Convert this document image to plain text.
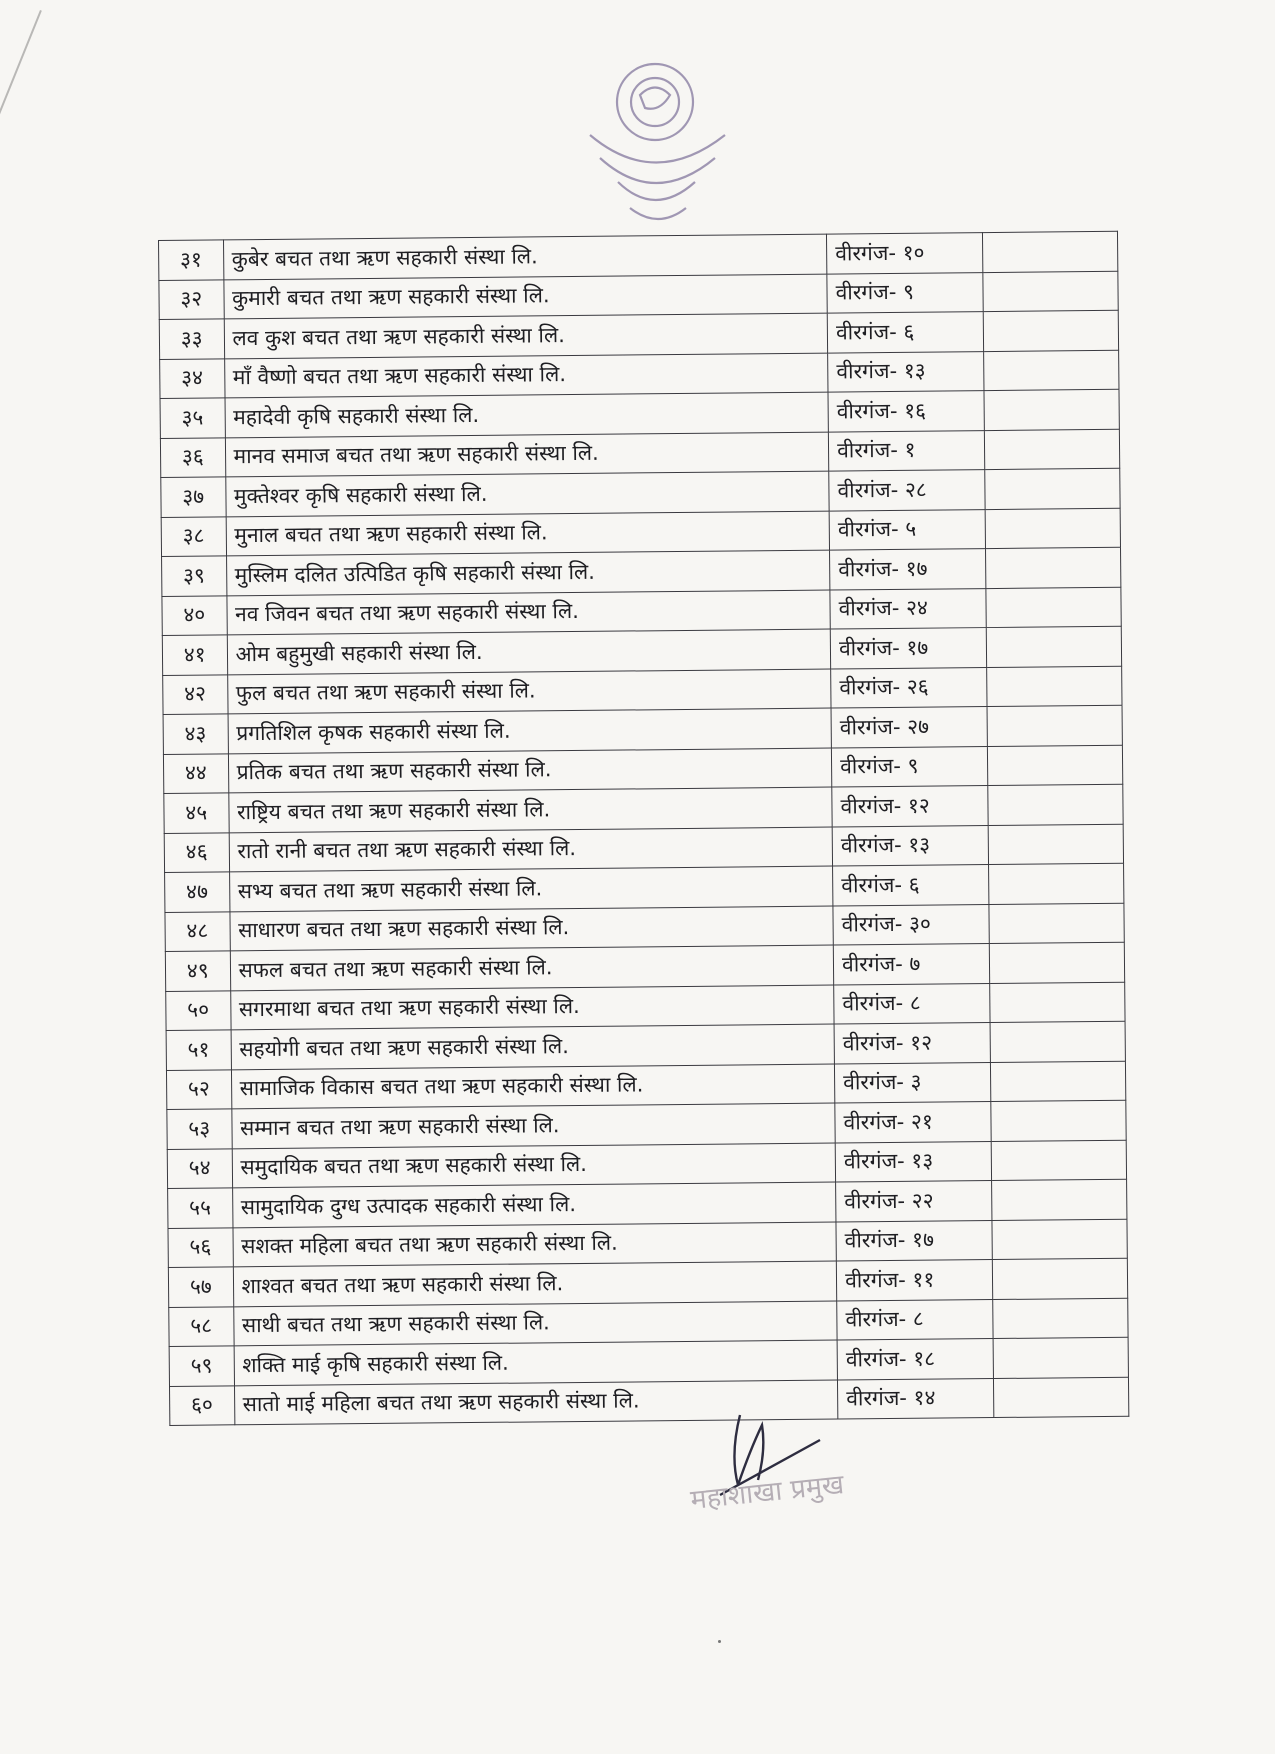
३१	कुबेर बचत तथा ऋण सहकारी संस्था लि.	वीरगंज- १०	
३२	कुमारी बचत तथा ऋण सहकारी संस्था लि.	वीरगंज- ९	
३३	लव कुश बचत तथा ऋण सहकारी संस्था लि.	वीरगंज- ६	
३४	माँ वैष्णो बचत तथा ऋण सहकारी संस्था लि.	वीरगंज- १३	
३५	महादेवी कृषि सहकारी संस्था लि.	वीरगंज- १६	
३६	मानव समाज बचत तथा ऋण सहकारी संस्था लि.	वीरगंज- १	
३७	मुक्तेश्वर कृषि सहकारी संस्था लि.	वीरगंज- २८	
३८	मुनाल बचत तथा ऋण सहकारी संस्था लि.	वीरगंज- ५	
३९	मुस्लिम दलित उत्पिडित कृषि सहकारी संस्था लि.	वीरगंज- १७	
४०	नव जिवन बचत तथा ऋण सहकारी संस्था लि.	वीरगंज- २४	
४१	ओम बहुमुखी सहकारी संस्था लि.	वीरगंज- १७	
४२	फुल बचत तथा ऋण सहकारी संस्था लि.	वीरगंज- २६	
४३	प्रगतिशिल कृषक सहकारी संस्था लि.	वीरगंज- २७	
४४	प्रतिक बचत तथा ऋण सहकारी संस्था लि.	वीरगंज- ९	
४५	राष्ट्रिय बचत तथा ऋण सहकारी संस्था लि.	वीरगंज- १२	
४६	रातो रानी बचत तथा ऋण सहकारी संस्था लि.	वीरगंज- १३	
४७	सभ्य बचत तथा ऋण सहकारी संस्था लि.	वीरगंज- ६	
४८	साधारण बचत तथा ऋण सहकारी संस्था लि.	वीरगंज- ३०	
४९	सफल बचत तथा ऋण सहकारी संस्था लि.	वीरगंज- ७	
५०	सगरमाथा बचत तथा ऋण सहकारी संस्था लि.	वीरगंज- ८	
५१	सहयोगी बचत तथा ऋण सहकारी संस्था लि.	वीरगंज- १२	
५२	सामाजिक विकास बचत तथा ऋण सहकारी संस्था लि.	वीरगंज- ३	
५३	सम्मान बचत तथा ऋण सहकारी संस्था लि.	वीरगंज- २१	
५४	समुदायिक बचत तथा ऋण सहकारी संस्था लि.	वीरगंज- १३	
५५	सामुदायिक दुग्ध उत्पादक सहकारी संस्था लि.	वीरगंज- २२	
५६	सशक्त महिला बचत तथा ऋण सहकारी संस्था लि.	वीरगंज- १७	
५७	शाश्वत बचत तथा ऋण सहकारी संस्था लि.	वीरगंज- ११	
५८	साथी बचत तथा ऋण सहकारी संस्था लि.	वीरगंज- ८	
५९	शक्ति माई कृषि सहकारी संस्था लि.	वीरगंज- १८	
६०	सातो माई महिला बचत तथा ऋण सहकारी संस्था लि.	वीरगंज- १४	
महाशाखा प्रमुख
